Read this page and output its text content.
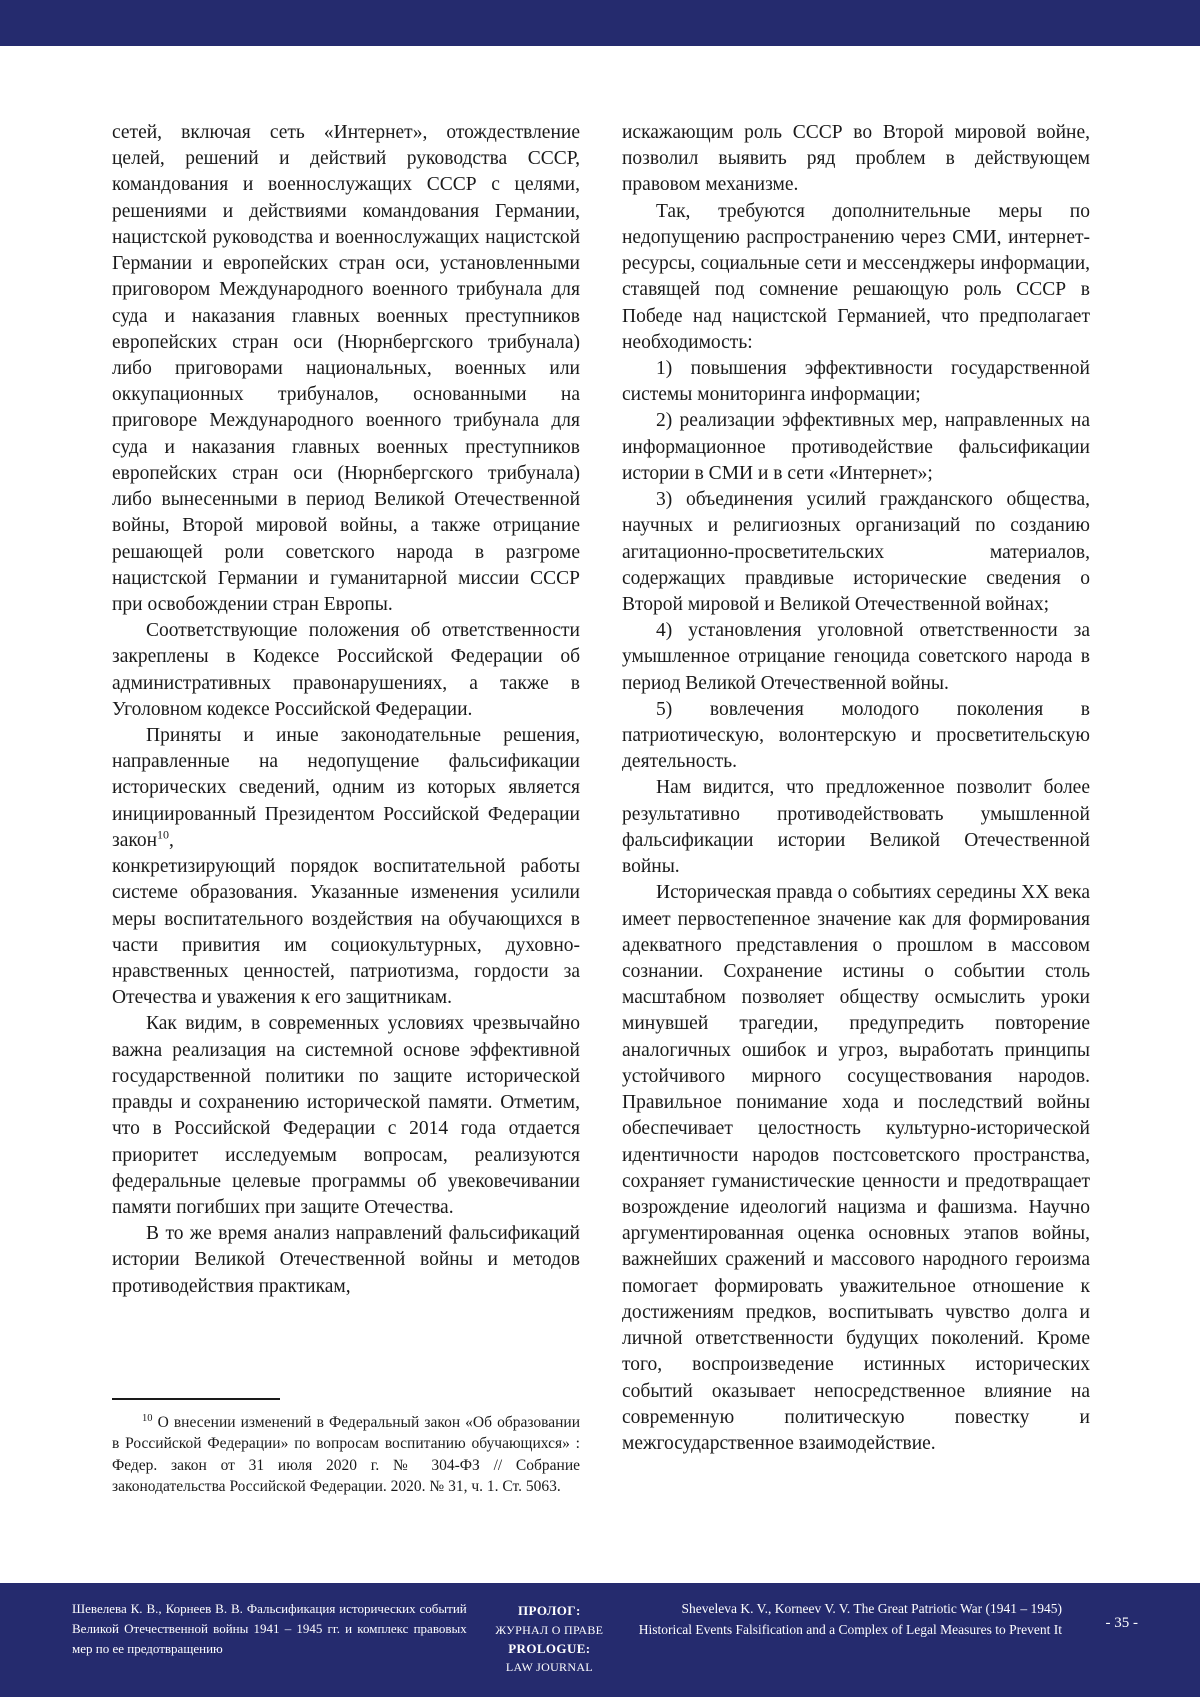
сетей, включая сеть «Интернет», отождествление целей, решений и действий руководства СССР, командования и военнослужащих СССР с целями, решениями и действиями командования Германии, нацистской руководства и военнослужащих нацистской Германии и европейских стран оси, установленными приговором Международного военного трибунала для суда и наказания главных военных преступников европейских стран оси (Нюрнбергского трибунала) либо приговорами национальных, военных или оккупационных трибуналов, основанными на приговоре Международного военного трибунала для суда и наказания главных военных преступников европейских стран оси (Нюрнбергского трибунала) либо вынесенными в период Великой Отечественной войны, Второй мировой войны, а также отрицание решающей роли советского народа в разгроме нацистской Германии и гуманитарной миссии СССР при освобождении стран Европы.

Соответствующие положения об ответственности закреплены в Кодексе Российской Федерации об административных правонарушениях, а также в Уголовном кодексе Российской Федерации.

Приняты и иные законодательные решения, направленные на недопущение фальсификации исторических сведений, одним из которых является инициированный Президентом Российской Федерации закон$^{10}$,

конкретизирующий порядок воспитательной работы системе образования. Указанные изменения усилили меры воспитательного воздействия на обучающихся в части привития им социокультурных, духовно-нравственных ценностей, патриотизма, гордости за Отечества и уважения к его защитникам.

Как видим, в современных условиях чрезвычайно важна реализация на системной основе эффективной государственной политики по защите исторической правды и сохранению исторической памяти. Отметим, что в Российской Федерации с 2014 года отдается приоритет исследуемым вопросам, реализуются федеральные целевые программы об увековечивании памяти погибших при защите Отечества.

В то же время анализ направлений фальсификаций истории Великой Отечественной войны и методов противодействия практикам,

искажающим роль СССР во Второй мировой войне, позволил выявить ряд проблем в действующем правовом механизме.

Так, требуются дополнительные меры по недопущению распространению через СМИ, интернет-ресурсы, социальные сети и мессенджеры информации, ставящей под сомнение решающую роль СССР в Победе над нацистской Германией, что предполагает необходимость:

1) повышения эффективности государственной системы мониторинга информации;

2) реализации эффективных мер, направленных на информационное противодействие фальсификации истории в СМИ и в сети «Интернет»;

3) объединения усилий гражданского общества, научных и религиозных организаций по созданию агитационно-просветительских материалов, содержащих правдивые исторические сведения о Второй мировой и Великой Отечественной войнах;

4) установления уголовной ответственности за умышленное отрицание геноцида советского народа в период Великой Отечественной войны.

5) вовлечения молодого поколения в патриотическую, волонтерскую и просветительскую деятельность.

Нам видится, что предложенное позволит более результативно противодействовать умышленной фальсификации истории Великой Отечественной войны.

Историческая правда о событиях середины XX века имеет первостепенное значение как для формирования адекватного представления о прошлом в массовом сознании. Сохранение истины о событии столь масштабном позволяет обществу осмыслить уроки минувшей трагедии, предупредить повторение аналогичных ошибок и угроз, выработать принципы устойчивого мирного сосуществования народов. Правильное понимание хода и последствий войны обеспечивает целостность культурно-исторической идентичности народов постсоветского пространства, сохраняет гуманистические ценности и предотвращает возрождение идеологий нацизма и фашизма. Научно аргументированная оценка основных этапов войны, важнейших сражений и массового народного героизма помогает формировать уважительное отношение к достижениям предков, воспитывать чувство долга и личной ответственности будущих поколений. Кроме того, воспроизведение истинных исторических событий оказывает непосредственное влияние на современную политическую повестку и межгосударственное взаимодействие.

$^{10}$ О внесении изменений в Федеральный закон «Об образовании в Российской Федерации» по вопросам воспитанию обучающихся» : Федер. закон от 31 июля 2020 г. № 304-ФЗ // Собрание законодательства Российской Федерации. 2020. № 31, ч. 1. Ст. 5063.

Шевелева К. В., Корнеев В. В. Фальсификация исторических событий Великой Отечественной войны 1941 – 1945 гг. и комплекс правовых мер по ее предотвращению
ПРОЛОГ:
ЖУРНАЛ О ПРАВЕ
PROLOGUE:
LAW JOURNAL
Sheveleva K. V., Korneev V. V. The Great Patriotic War (1941 – 1945) Historical Events Falsification and a Complex of Legal Measures to Prevent It	- 35 -
